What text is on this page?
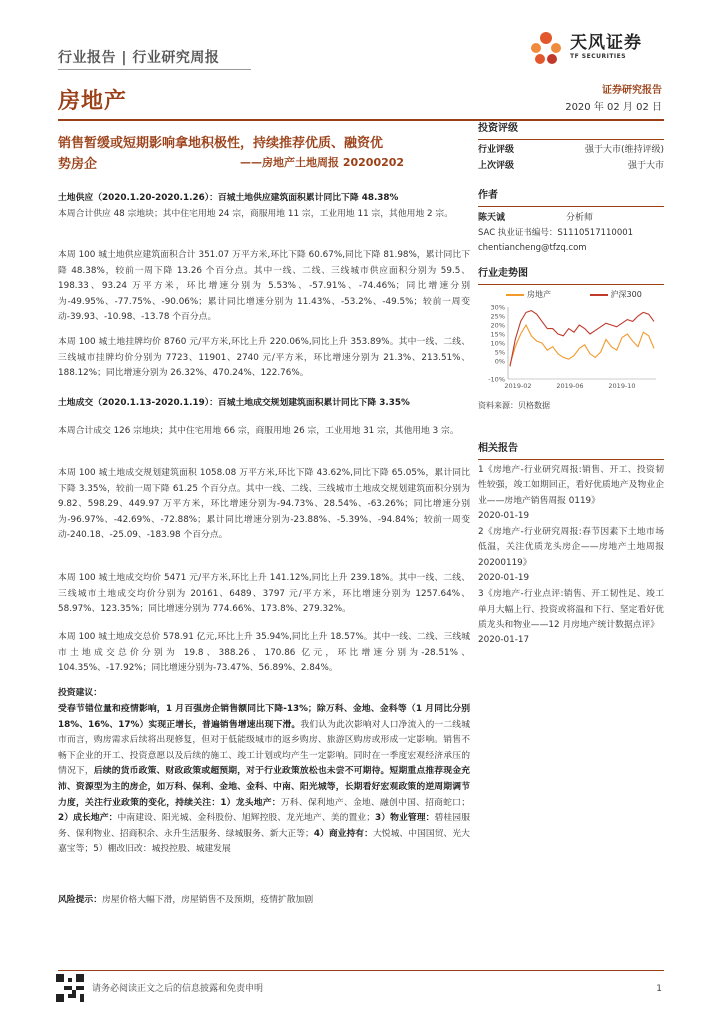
行业报告 | 行业研究周报
房地产
天风证券
TF SECURITIES
证券研究报告
2020 年 02 月 02 日
销售暂缓或短期影响拿地积极性，持续推荐优质、融资优
势房企	——房地产土地周报 20200202
土地供应（2020.1.20-2020.1.26）：百城土地供应建筑面积累计同比下降 48.38%
本周合计供应 48 宗地块；其中住宅用地 24 宗，商服用地 11 宗，工业用地 11 宗，其他用地 2 宗。
本周 100 城土地供应建筑面积合计 351.07 万平方米,环比下降 60.67%,同比下降 81.98%，累计同比下降 48.38%，较前一周下降 13.26 个百分点。其中一线、二线、三线城市供应面积分别为 59.5、198.33、93.24 万平方米，环比增速分别为 5.53%、-57.91%、-74.46%；同比增速分别为-49.95%、-77.75%、-90.06%；累计同比增速分别为 11.43%、-53.2%、-49.5%；较前一周变动-39.93、-10.98、-13.78 个百分点。
本周 100 城土地挂牌均价 8760 元/平方米,环比上升 220.06%,同比上升 353.89%。其中一线、二线、三线城市挂牌均价分别为 7723、11901、2740 元/平方米，环比增速分别为 21.3%、213.51%、188.12%；同比增速分别为 26.32%、470.24%、122.76%。
土地成交（2020.1.13-2020.1.19）：百城土地成交规划建筑面积累计同比下降 3.35%
本周合计成交 126 宗地块；其中住宅用地 66 宗，商服用地 26 宗，工业用地 31 宗，其他用地 3 宗。
本周 100 城土地成交规划建筑面积 1058.08 万平方米,环比下降 43.62%,同比下降 65.05%，累计同比下降 3.35%，较前一周下降 61.25 个百分点。其中一线、二线、三线城市土地成交规划建筑面积分别为 9.82、598.29、449.97 万平方米，环比增速分别为-94.73%、28.54%、-63.26%；同比增速分别为-96.97%、-42.69%、-72.88%；累计同比增速分别为-23.88%、-5.39%、-94.84%；较前一周变动-240.18、-25.09、-183.98 个百分点。
本周 100 城土地成交均价 5471 元/平方米,环比上升 141.12%,同比上升 239.18%。其中一线、二线、三线城市土地成交均价分别为 20161、6489、3797 元/平方米，环比增速分别为 1257.64%、58.97%、123.35%；同比增速分别为 774.66%、173.8%、279.32%。
本周 100 城土地成交总价 578.91 亿元,环比上升 35.94%,同比上升 18.57%。其中一线、二线、三线城市土地成交总价分别为 19.8、388.26、170.86 亿元，环比增速分别为-28.51%、104.35%、-17.92%；同比增速分别为-73.47%、56.89%、2.84%。
投资建议：
受春节错位量和疫情影响，1 月百强房企销售额同比下降-13%；除万科、金地、金科等（1 月同比分别 18%、16%、17%）实现正增长，普遍销售增速出现下滑。我们认为此次影响对人口净流入的一二线城市而言，购房需求后续将出现修复，但对于低能级城市的返乡购房、旅游区购房或形成一定影响。销售不畅下企业的开工、投资意愿以及后续的施工、竣工计划或均产生一定影响。同时在一季度宏观经济承压的情况下，后续的货币政策、财政政策或超预期，对于行业政策放松也未尝不可期待。短期重点推荐现金充沛、资源型为主的房企，如万科、保利、金地、金科、中南、阳光城等，长期看好宏观政策的逆周期调节力度，关注行业政策的变化，持续关注：1）龙头地产：万科、保利地产、金地、融创中国、招商蛇口；2）成长地产：中南建设、阳光城、金科股份、旭辉控股、龙光地产、美的置业；3）物业管理：碧桂园服务、保利物业、招商积余、永升生活服务、绿城服务、新大正等；4）商业持有：大悦城、中国国贸、光大嘉宝等；5）棚改旧改：城投控股、城建发展
风险提示：房屋价格大幅下滑，房屋销售不及预期，疫情扩散加剧
投资评级
行业评级	强于大市(维持评级)
上次评级	强于大市
作者
陈天诚	分析师
SAC 执业证书编号：S1110517110001
chentiancheng@tfzq.com
行业走势图
房地产	沪深300
-10%
0%
5%
10%
15%
20%
25%
30%
2019-02	2019-06	2019-10
资料来源：贝格数据
相关报告
1《房地产-行业研究周报:销售、开工、投资韧性较强，竣工如期回正，看好优质地产及物业企业——房地产销售周报 0119》
2020-01-19
2《房地产-行业研究周报:春节因素下土地市场低温，关注优质龙头房企——房地产土地周报 20200119》
2020-01-19
3《房地产-行业点评:销售、开工韧性足、竣工单月大幅上行、投资或将温和下行、坚定看好优质龙头和物业——12 月房地产统计数据点评》
2020-01-17
请务必阅读正文之后的信息披露和免责申明	1
